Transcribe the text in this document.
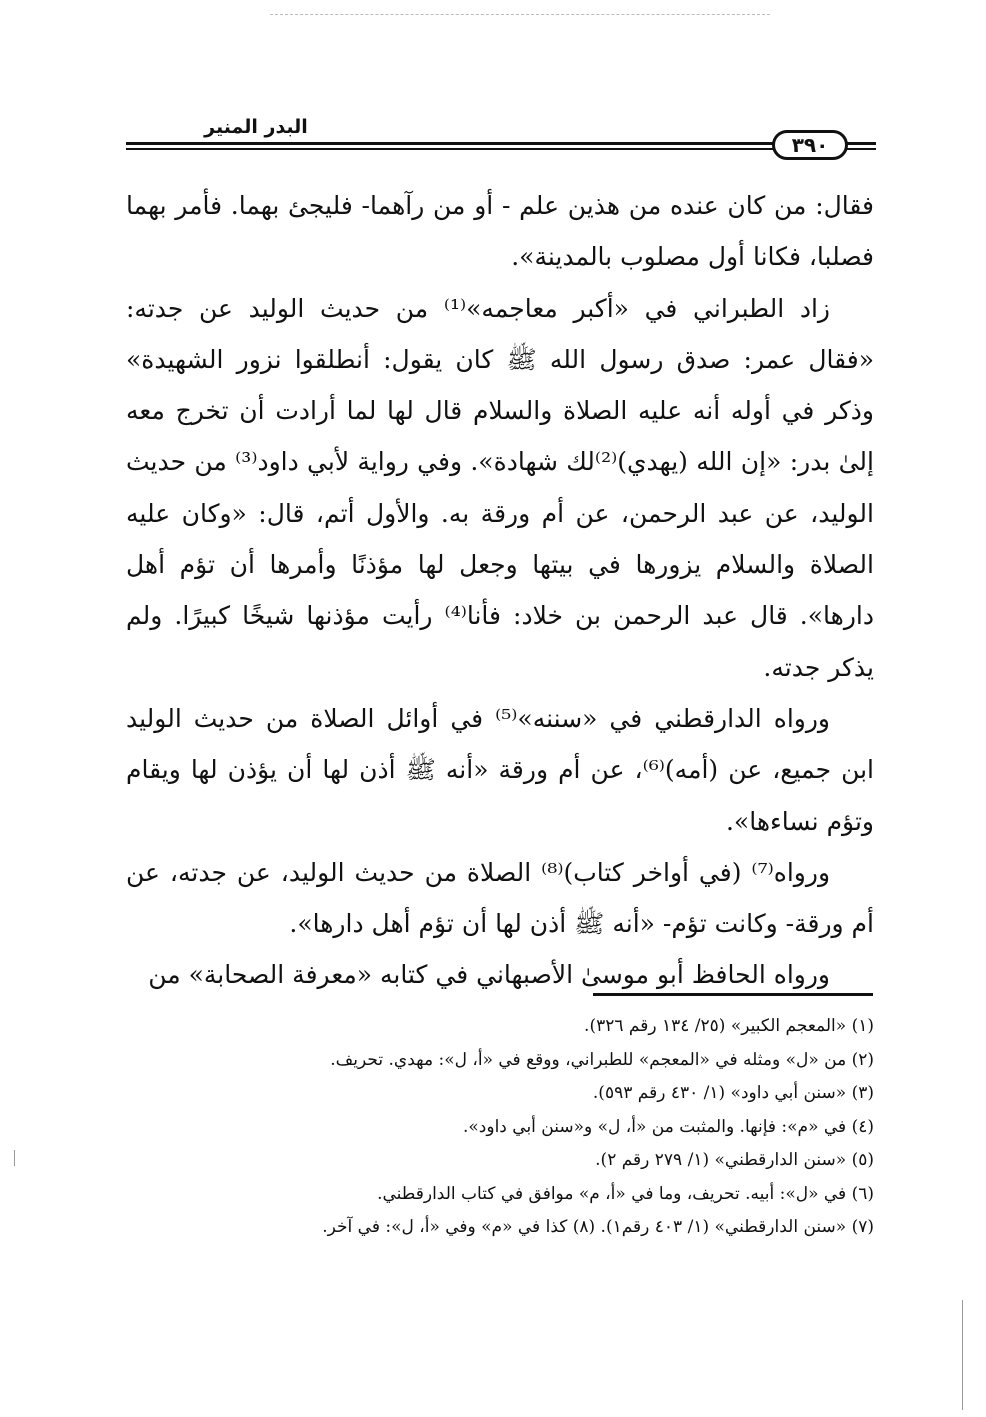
البدر المنير
٣٩٠

فقال: من كان عنده من هذين علم - أو من رآهما- فليجئ بهما. فأمر بهما فصلبا، فكانا أول مصلوب بالمدينة».

زاد الطبراني في «أكبر معاجمه»⁽¹⁾ من حديث الوليد عن جدته: «فقال عمر: صدق رسول الله ﷺ كان يقول: أنطلقوا نزور الشهيدة» وذكر في أوله أنه عليه الصلاة والسلام قال لها لما أرادت أن تخرج معه إلىٰ بدر: «إن الله (يهدي)⁽²⁾لك شهادة». وفي رواية لأبي داود⁽³⁾ من حديث الوليد، عن عبد الرحمن، عن أم ورقة به. والأول أتم، قال: «وكان عليه الصلاة والسلام يزورها في بيتها وجعل لها مؤذنًا وأمرها أن تؤم أهل دارها». قال عبد الرحمن بن خلاد: فأنا⁽⁴⁾ رأيت مؤذنها شيخًا كبيرًا. ولم يذكر جدته.

ورواه الدارقطني في «سننه»⁽⁵⁾ في أوائل الصلاة من حديث الوليد ابن جميع، عن (أمه)⁽⁶⁾، عن أم ورقة «أنه ﷺ أذن لها أن يؤذن لها ويقام وتؤم نساءها».

ورواه⁽⁷⁾ (في أواخر كتاب)⁽⁸⁾ الصلاة من حديث الوليد، عن جدته، عن أم ورقة- وكانت تؤم- «أنه ﷺ أذن لها أن تؤم أهل دارها».

ورواه الحافظ أبو موسىٰ الأصبهاني في كتابه «معرفة الصحابة» من

(١) «المعجم الكبير» (٢٥/ ١٣٤ رقم ٣٢٦).
(٢) من «ل» ومثله في «المعجم» للطبراني، ووقع في «أ، ل»: مهدي. تحريف.
(٣) «سنن أبي داود» (١/ ٤٣٠ رقم ٥٩٣).
(٤) في «م»: فإنها. والمثبت من «أ، ل» و«سنن أبي داود».
(٥) «سنن الدارقطني» (١/ ٢٧٩ رقم ٢).
(٦) في «ل»: أبيه. تحريف، وما في «أ، م» موافق في كتاب الدارقطني.
(٧) «سنن الدارقطني» (١/ ٤٠٣ رقم١). (٨) كذا في «م» وفي «أ، ل»: في آخر.
